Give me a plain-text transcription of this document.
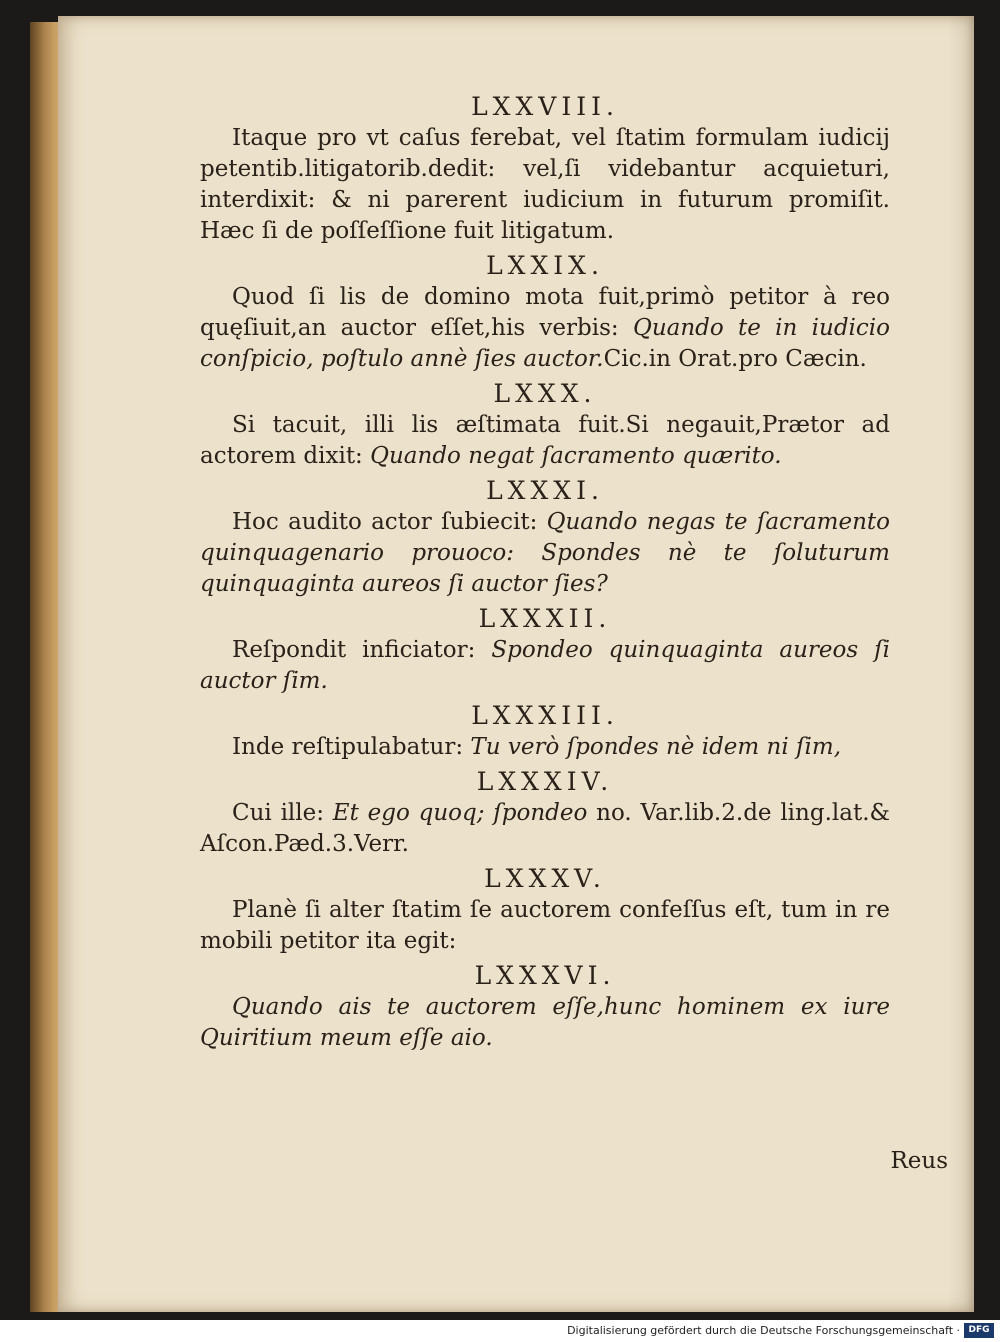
LXXVIII.
Itaque pro vt caſus ferebat, vel ſtatim formulam iudicij petentib.litigatorib.dedit: vel,ſi videbantur acquieturi, interdixit: & ni parerent iudicium in futurum promiſit. Hæc ſi de poſſeſſione fuit litigatum.
LXXIX.
Quod ſi lis de domino mota fuit,primò petitor à reo quęſiuit,an auctor eſſet,his verbis: Quando te in iudicio conſpicio, poſtulo annè ſies auctor.Cic.in Orat.pro Cæcin.
LXXX.
Si tacuit, illi lis æſtimata fuit.Si negauit,Prætor ad actorem dixit: Quando negat ſacramento quærito.
LXXXI.
Hoc audito actor ſubiecit: Quando negas te ſacramento quinquagenario prouoco: Spondes nè te ſoluturum quinquaginta aureos ſi auctor ſies?
LXXXII.
Reſpondit inficiator: Spondeo quinquaginta aureos ſi auctor ſim.
LXXXIII.
Inde reſtipulabatur: Tu verò ſpondes nè idem ni ſim,
LXXXIV.
Cui ille: Et ego quoq; ſpondeo no. Var.lib.2.de ling.lat.& Aſcon.Pæd.3.Verr.
LXXXV.
Planè ſi alter ſtatim ſe auctorem confeſſus eſt, tum in re mobili petitor ita egit:
LXXXVI.
Quando ais te auctorem eſſe,hunc hominem ex iure Quiritium meum eſſe aio.
Reus
Digitalisierung gefördert durch die Deutsche Forschungsgemeinschaft · DFG
